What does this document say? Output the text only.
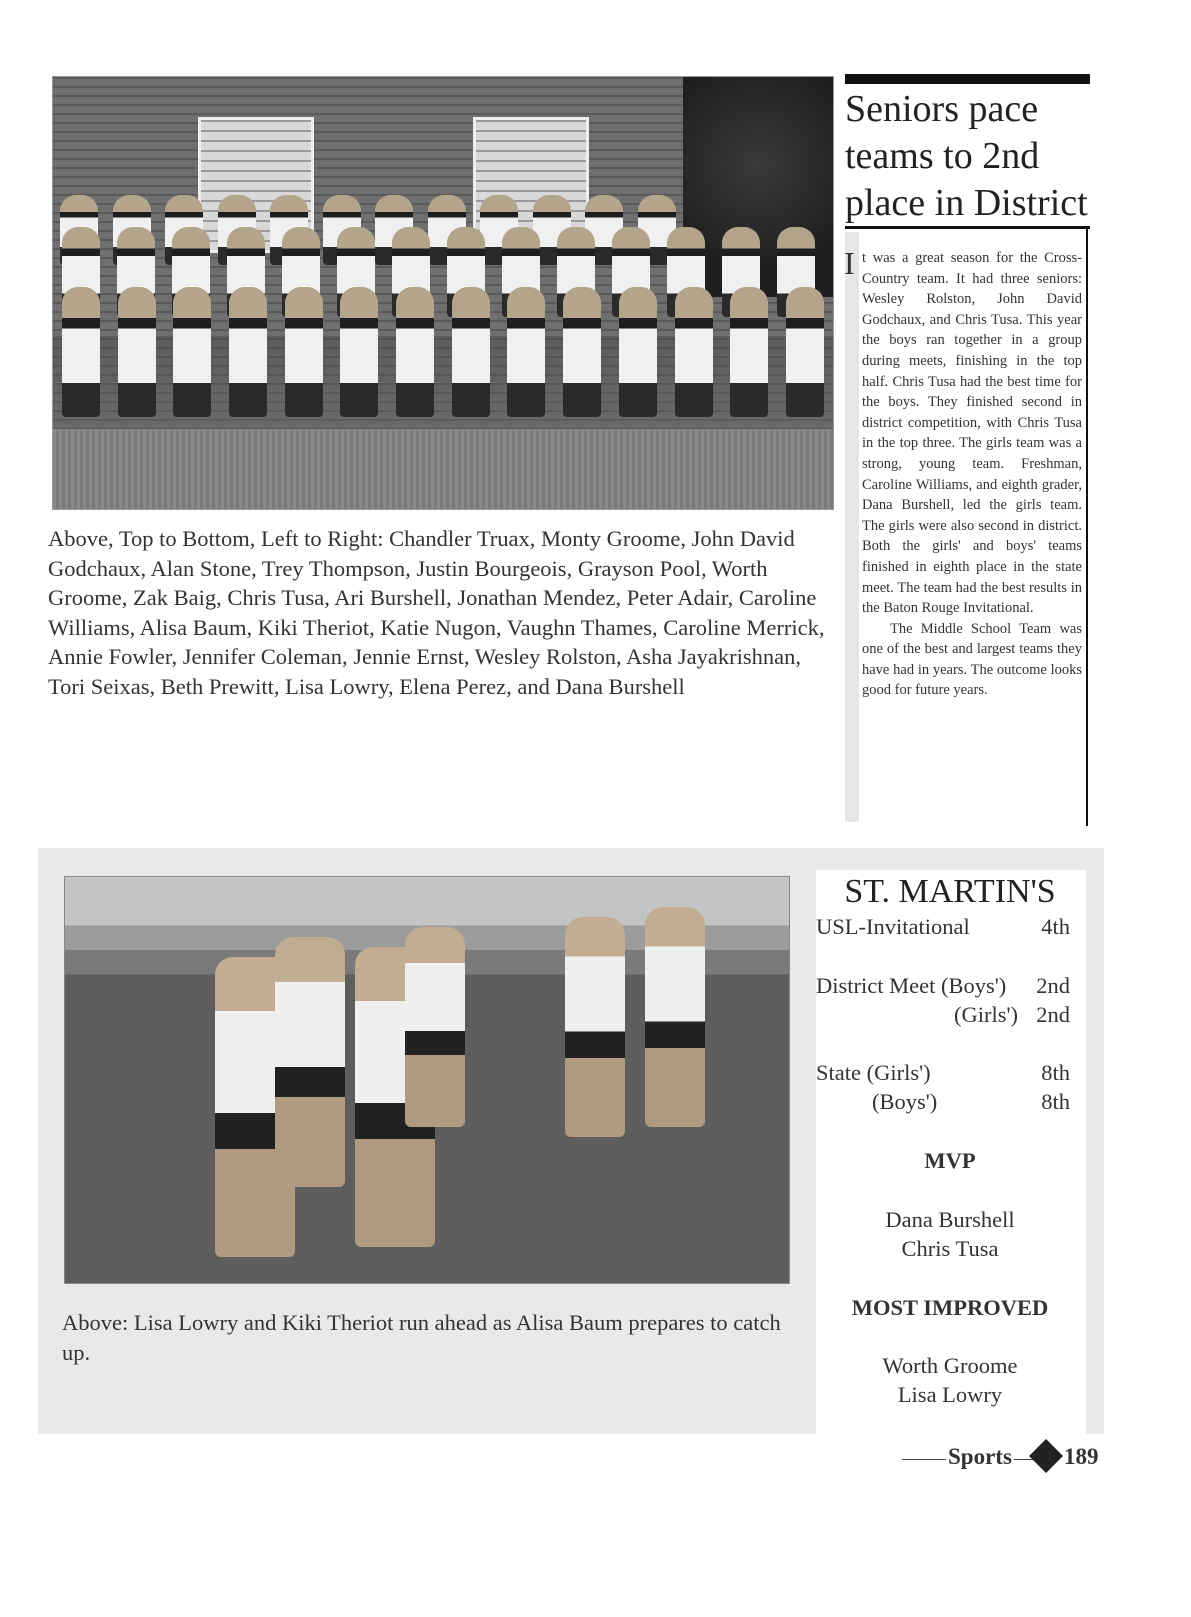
Above, Top to Bottom, Left to Right: Chandler Truax, Monty Groome, John David Godchaux, Alan Stone, Trey Thompson, Justin Bourgeois, Grayson Pool, Worth Groome, Zak Baig, Chris Tusa, Ari Burshell, Jonathan Mendez, Peter Adair, Caroline Williams, Alisa Baum, Kiki Theriot, Katie Nugon, Vaughn Thames, Caroline Merrick, Annie Fowler, Jennifer Coleman, Jennie Ernst, Wesley Rolston, Asha Jayakrishnan, Tori Seixas, Beth Prewitt, Lisa Lowry, Elena Perez, and Dana Burshell
Seniors pace teams to 2nd place in District

It was a great season for the Cross-Country team. It had three seniors: Wesley Rolston, John David Godchaux, and Chris Tusa. This year the boys ran together in a group during meets, finishing in the top half. Chris Tusa had the best time for the boys. They finished second in district competition, with Chris Tusa in the top three. The girls team was a strong, young team. Freshman, Caroline Williams, and eighth grader, Dana Burshell, led the girls team. The girls were also second in district. Both the girls' and boys' teams finished in eighth place in the state meet. The team had the best results in the Baton Rouge Invitational.

The Middle School Team was one of the best and largest teams they have had in years. The outcome looks good for future years.

Above: Lisa Lowry and Kiki Theriot run ahead as Alisa Baum prepares to catch up.
ST. MARTIN'S
USL-Invitational	4th
District Meet (Boys') 2nd
(Girls') 2nd
State (Girls')	8th
(Boys')	8th
MVP
Dana Burshell
Chris Tusa
MOST IMPROVED
Worth Groome
Lisa Lowry
Sports 189
